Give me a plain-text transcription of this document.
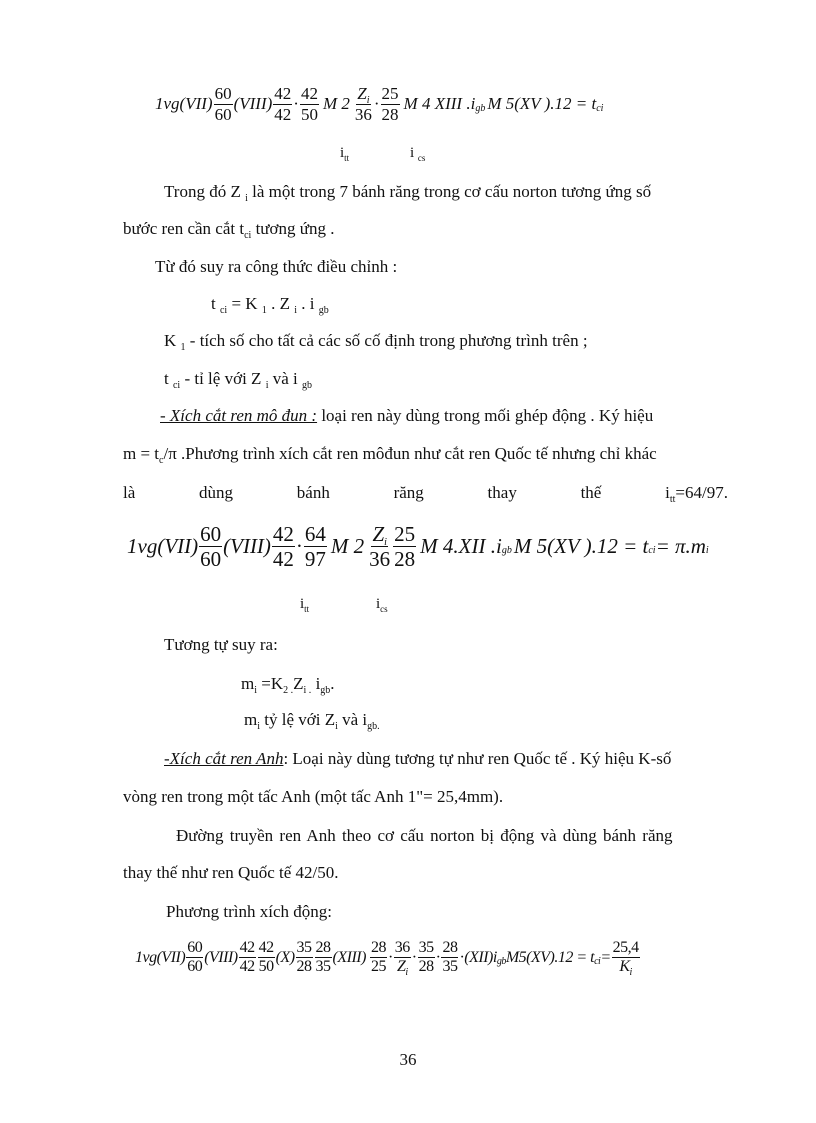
1vg(VII)
60
60
(VIII)
42
42
·
42
50
M 2
$Z_i$
36
·
25
28
M 4 XIII .i gb M 5(XV ).12 = t ci
$i_{tt}$	i $_{cs}$
Trong đó Z $_i$ là một trong 7 bánh răng trong cơ cấu norton tương ứng số
bước ren cần cắt $t_{ci}$ tương ứng .
Từ đó suy ra công thức điều chỉnh :
t $_{ci}$ = K $_1$ . Z $_i$ . i $_{gb}$
K $_1$ - tích số cho tất cả các số cố định trong phương trình trên ;
t $_{ci}$ - tỉ lệ với Z $_i$ và i $_{gb}$
- Xích cắt ren mô đun : loại ren này dùng trong mối ghép động . Ký hiệu
$m = t_c/\pi$ .Phương trình xích cắt ren môđun như cắt ren Quốc tế nhưng chỉ khác
là	dùng	bánh	răng	thay	thế	$i_{tt}=64/97$.
1vg(VII)
60
60
(VIII)
42
42
·
64
97
M 2
Zi
36
25
28
M 4.XII .i gb M 5(XV ).12 = t ci = π.m i
$i_{tt}$	$i_{cs}$
Tương tự suy ra:
$m_i =K_{2 .}Z_{i .}$ $i_{gb}$.
$m_i$ tỷ lệ với $Z_i$ và $i_{gb.}$
-Xích cắt ren Anh: Loại này dùng tương tự như ren Quốc tế . Ký hiệu K-số
vòng ren trong một tấc Anh (một tấc Anh 1"= 25,4mm).
Đường truyền ren Anh theo cơ cấu norton bị động và dùng bánh răng
thay thế như ren Quốc tế 42/50.
Phương trình xích động:
1vg(VII)
60
60
(VIII)
42
42
42
50
(X)
35
28
28
35
(XIII)
28
25
·
36
$Z_i$
·
35
28
·
28
35
· (XII)i gb M5(XV).12 = t ci = $\frac{25,4}{K_i}$
36
